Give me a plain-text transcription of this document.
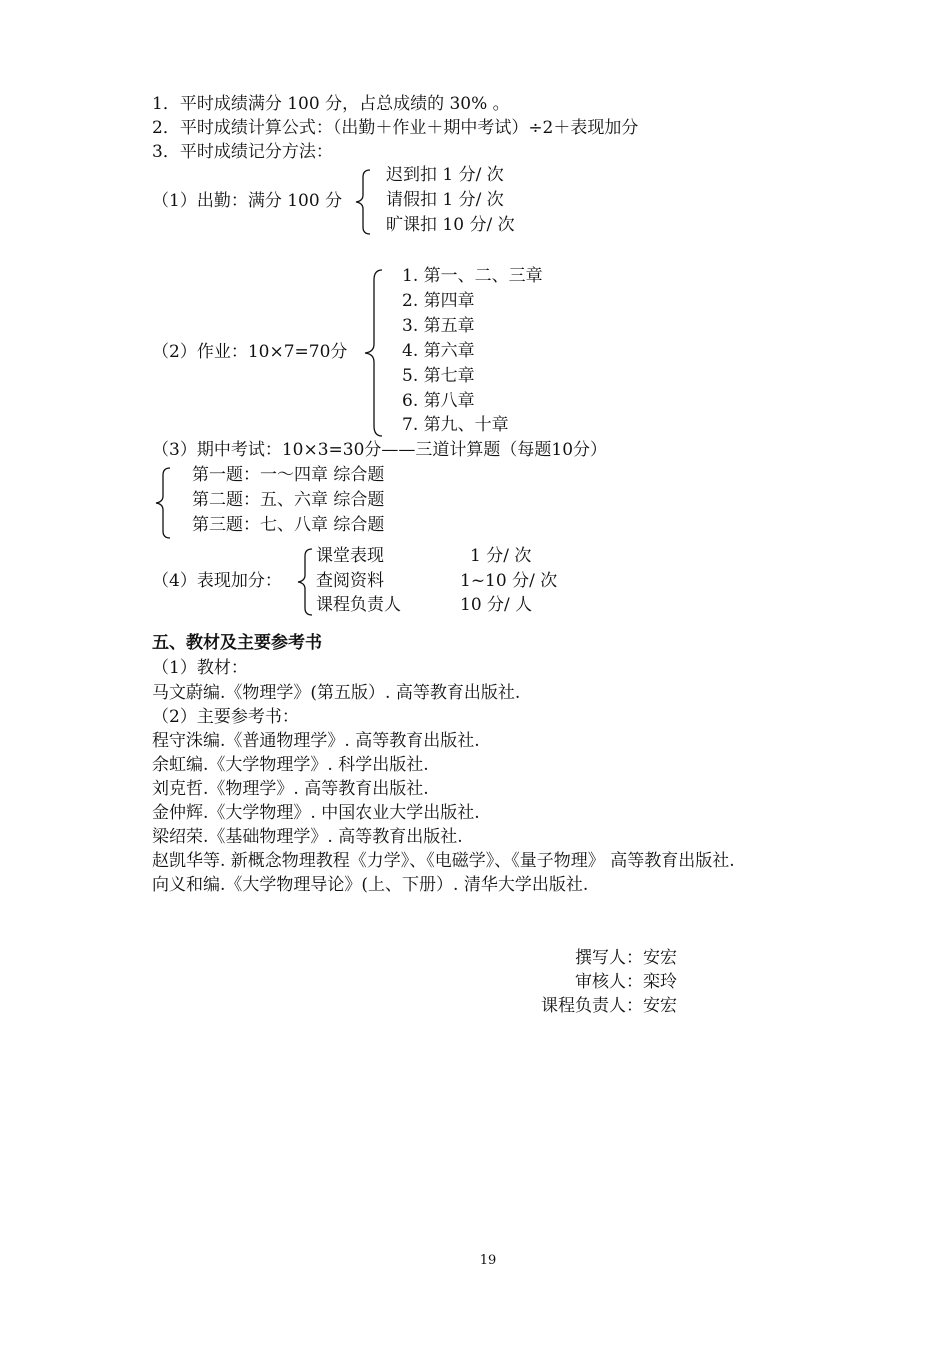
1．平时成绩满分 100 分，占总成绩的 30% 。
2．平时成绩计算公式：（出勤＋作业＋期中考试）÷2＋表现加分
3．平时成绩记分方法：
（1）出勤：满分 100 分
迟到扣 1 分/ 次
请假扣 1 分/ 次
旷课扣 10 分/ 次
（2）作业：10×7=70分
1. 第一、二、三章
2. 第四章
3. 第五章
4. 第六章
5. 第七章
6. 第八章
7. 第九、十章
（3）期中考试：10×3=30分——三道计算题（每题10分）
第一题：一～四章 综合题
第二题：五、六章 综合题
第三题：七、八章 综合题
（4）表现加分：
课堂表现	1 分/ 次
查阅资料	1~10 分/ 次
课程负责人	10 分/ 人
五、教材及主要参考书
（1）教材：
马文蔚编.《物理学》(第五版）. 高等教育出版社.
（2）主要参考书：
程守洙编.《普通物理学》. 高等教育出版社.
余虹编.《大学物理学》. 科学出版社.
刘克哲.《物理学》. 高等教育出版社.
金仲辉.《大学物理》. 中国农业大学出版社.
梁绍荣.《基础物理学》. 高等教育出版社.
赵凯华等. 新概念物理教程《力学》、《电磁学》、《量子物理》 高等教育出版社.
向义和编.《大学物理导论》(上、下册）. 清华大学出版社.
撰写人：安宏
审核人：栾玲
课程负责人：安宏
19
